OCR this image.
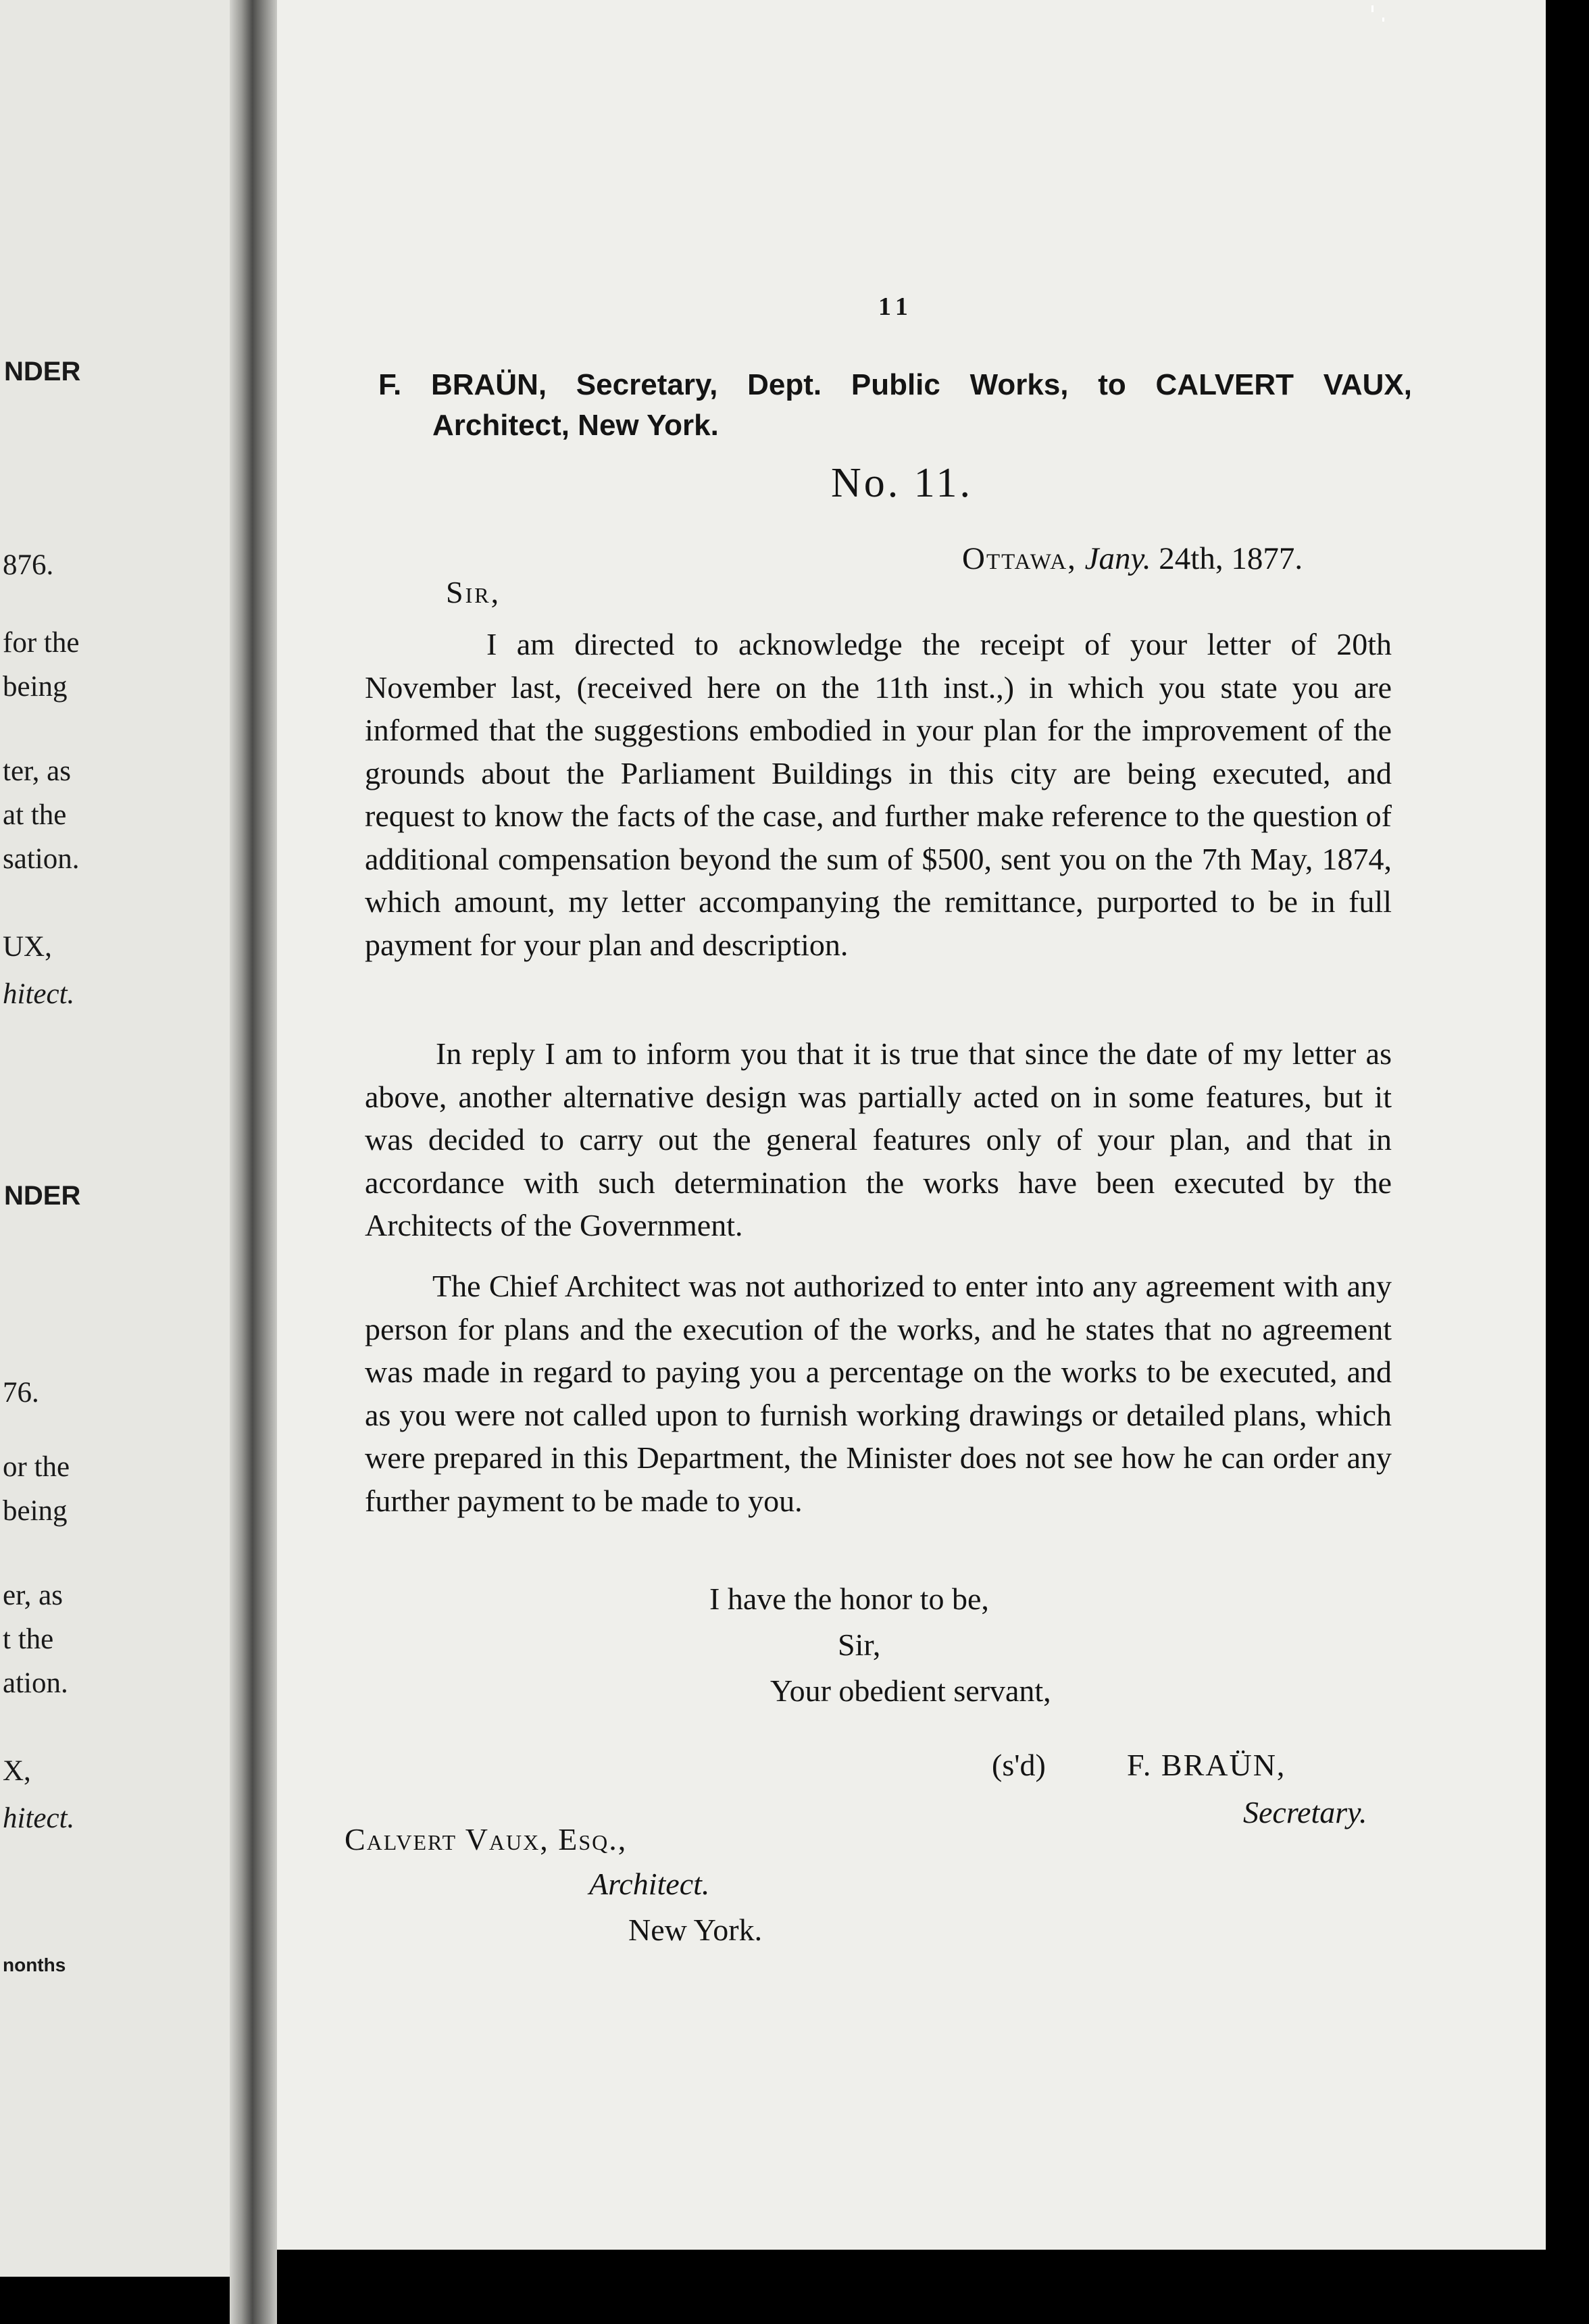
NDER
876.
for the
being
ter, as
at the
sation.
UX,
hitect.
NDER
76.
or the
being
er, as
t the
ation.
X,
hitect.
nonths
11
F. BRAÜN, Secretary, Dept. Public Works, to CALVERT VAUX,
Architect, New York.
No. 11.
Ottawa, Jany. 24th, 1877.
Sir,

I am directed to acknowledge the receipt of your letter of 20th November last, (received here on the 11th inst.,) in which you state you are informed that the suggestions embodied in your plan for the improvement of the grounds about the Parliament Buildings in this city are being executed, and request to know the facts of the case, and further make reference to the question of additional compensation beyond the sum of $500, sent you on the 7th May, 1874, which amount, my letter accompanying the remittance, purported to be in full payment for your plan and description.

In reply I am to inform you that it is true that since the date of my letter as above, another alternative design was partially acted on in some features, but it was decided to carry out the general features only of your plan, and that in accordance with such determination the works have been executed by the Architects of the Government.

The Chief Architect was not authorized to enter into any agreement with any person for plans and the execution of the works, and he states that no agreement was made in regard to paying you a percentage on the works to be executed, and as you were not called upon to furnish working drawings or detailed plans, which were prepared in this Department, the Minister does not see how he can order any further payment to be made to you.

I have the honor to be,
Sir,
Your obedient servant,
(s'd)	F. BRAÜN,
Secretary.
Calvert Vaux, Esq.,
Architect.
New York.
